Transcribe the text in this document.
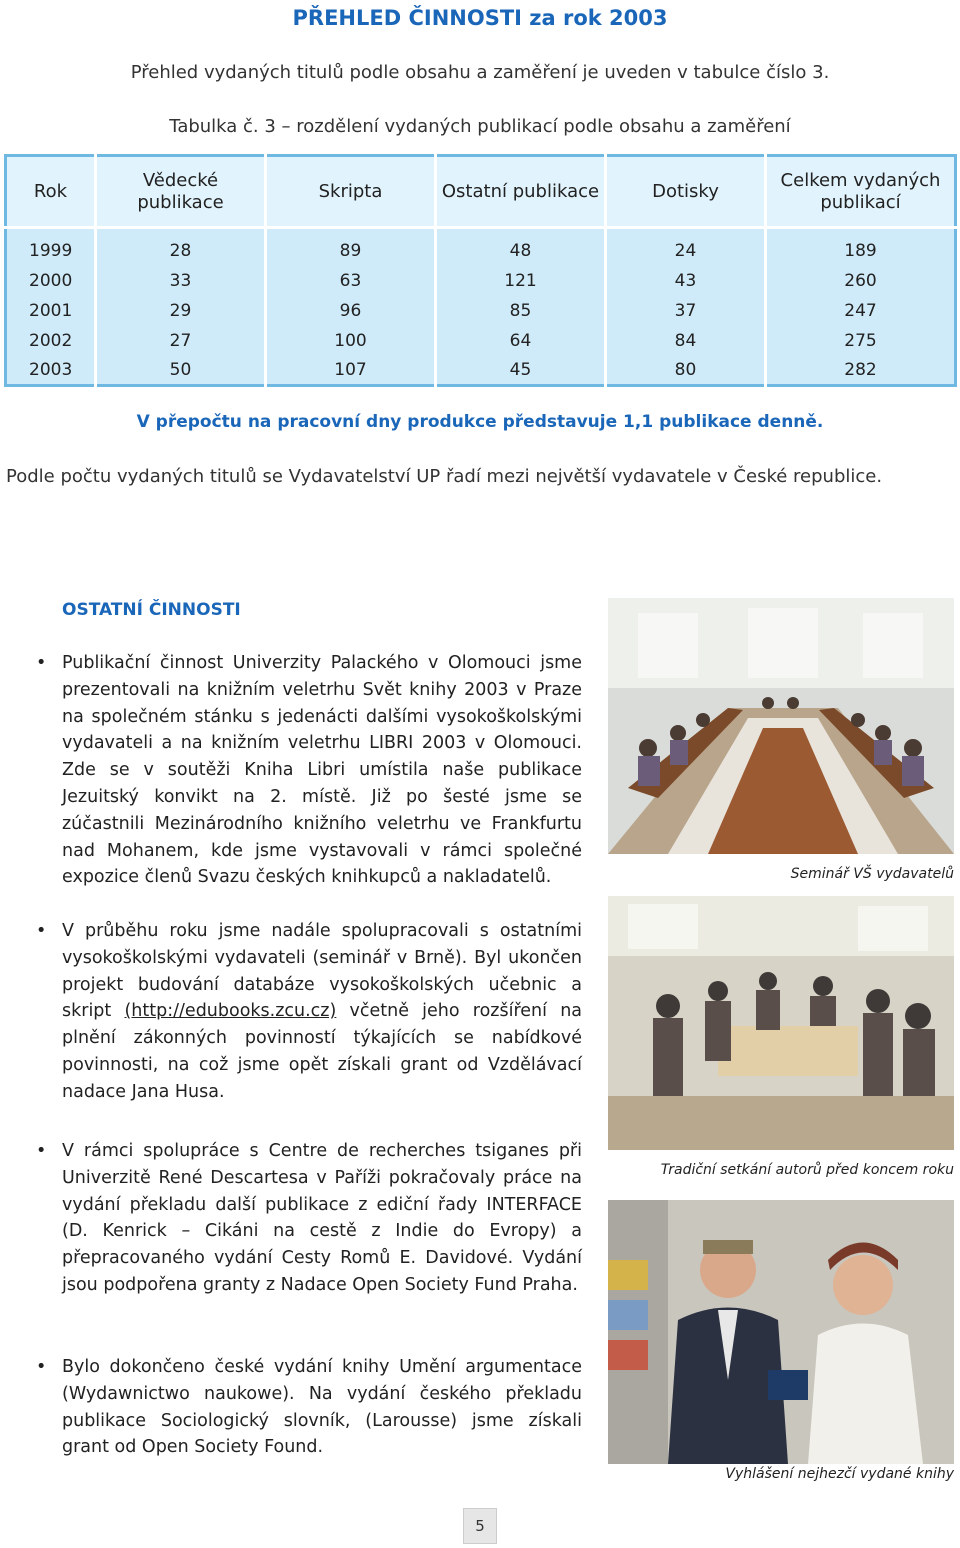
PŘEHLED ČINNOSTI za rok 2003
Přehled vydaných titulů podle obsahu a zaměření je uveden v tabulce číslo 3.
Tabulka č. 3 – rozdělení vydaných publikací podle obsahu a zaměření
Rok	Vědecké publikace	Skripta	Ostatní publikace	Dotisky	Celkem vydaných publikací
1999	28	89	48	24	189
2000	33	63	121	43	260
2001	29	96	85	37	247
2002	27	100	64	84	275
2003	50	107	45	80	282
V přepočtu na pracovní dny produkce představuje 1,1 publikace denně.
Podle počtu vydaných titulů se Vydavatelství UP řadí mezi největší vydavatele v České republice.
OSTATNÍ ČINNOSTI
• Publikační činnost Univerzity Palackého v Olomouci jsme prezentovali na knižním veletrhu Svět knihy 2003 v Praze na společném stánku s jedenácti dalšími vysokoškolskými vydavateli a na knižním veletrhu LIBRI 2003 v Olomouci. Zde se v soutěži Kniha Libri umístila naše publikace Jezuitský konvikt na 2. místě. Již po šesté jsme se zúčastnili Mezinárodního knižního veletrhu ve Frankfurtu nad Mohanem, kde jsme vystavovali v rámci společné expozice členů Svazu českých knihkupců a nakladatelů.
• V průběhu roku jsme nadále spolupracovali s ostatními vysokoškolskými vydavateli (seminář v Brně). Byl ukončen projekt budování databáze vysokoškolských učebnic a skript (http://edubooks.zcu.cz) včetně jeho rozšíření na plnění zákonných povinností týkajících se nabídkové povinnosti, na což jsme opět získali grant od Vzdělávací nadace Jana Husa.
• V rámci spolupráce s Centre de recherches tsiganes při Univerzitě René Descartesa v Paříži pokračovaly práce na vydání překladu další publikace z ediční řady INTERFACE (D. Kenrick – Cikáni na cestě z Indie do Evropy) a přepracovaného vydání Cesty Romů E. Davidové. Vydání jsou podpořena granty z Nadace Open Society Fund Praha.
• Bylo dokončeno české vydání knihy Umění argumentace (Wydawnictwo naukowe). Na vydání českého překladu publikace Sociologický slovník, (Larousse) jsme získali grant od Open Society Found.
Seminář VŠ vydavatelů
Tradiční setkání autorů před koncem roku
Vyhlášení nejhezčí vydané knihy
5
